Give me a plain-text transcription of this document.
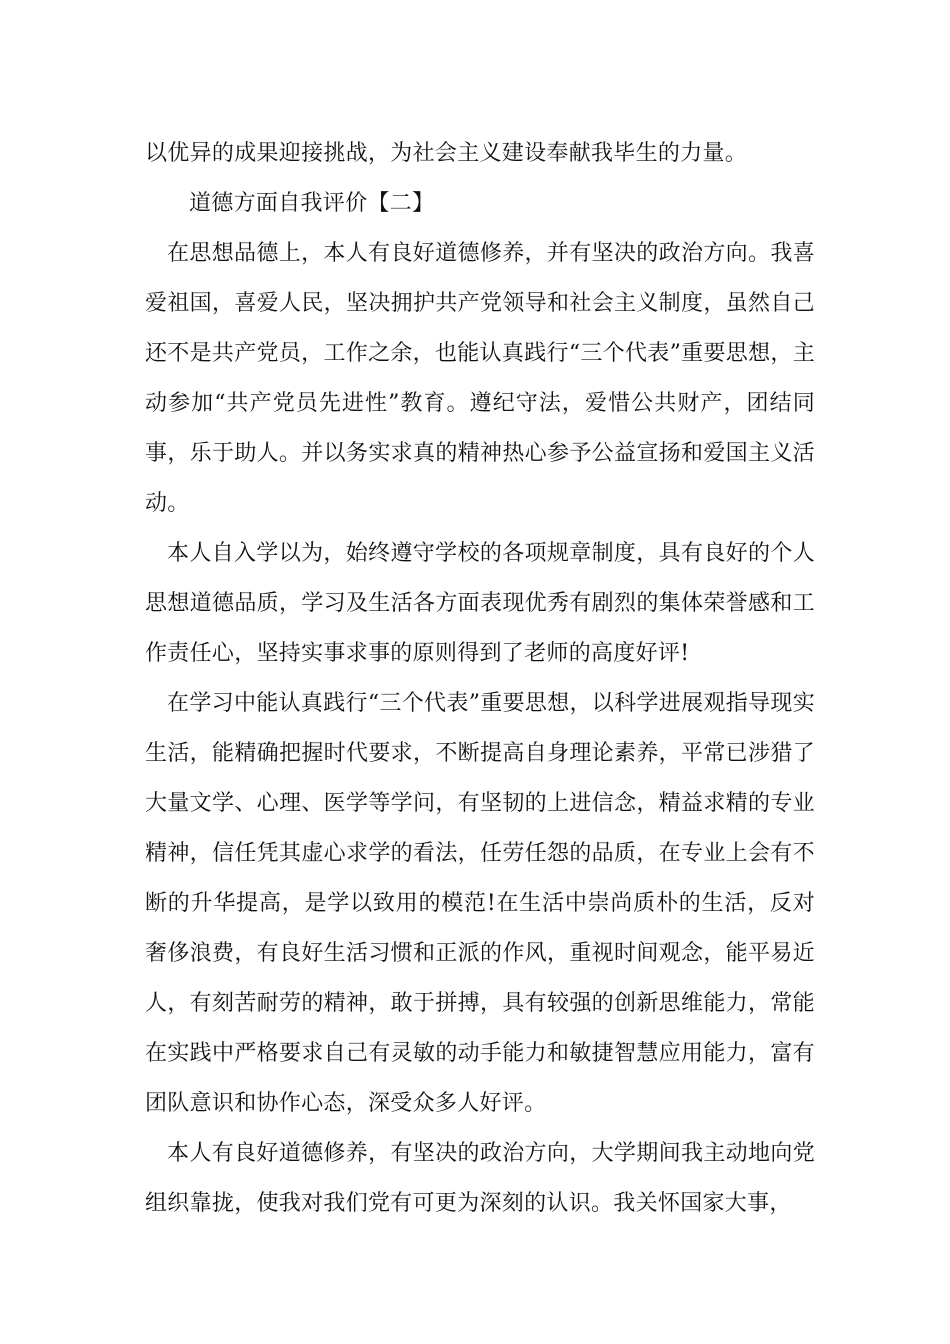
以优异的成果迎接挑战，为社会主义建设奉献我毕生的力量。

道德方面自我评价【二】

在思想品德上，本人有良好道德修养，并有坚决的政治方向。我喜爱祖国，喜爱人民，坚决拥护共产党领导和社会主义制度，虽然自己还不是共产党员，工作之余，也能认真践行“三个代表”重要思想，主动参加“共产党员先进性”教育。遵纪守法，爱惜公共财产，团结同事，乐于助人。并以务实求真的精神热心参予公益宣扬和爱国主义活动。

本人自入学以为，始终遵守学校的各项规章制度，具有良好的个人思想道德品质，学习及生活各方面表现优秀有剧烈的集体荣誉感和工作责任心，坚持实事求事的原则得到了老师的高度好评!

在学习中能认真践行“三个代表”重要思想，以科学进展观指导现实生活，能精确把握时代要求，不断提高自身理论素养，平常已涉猎了大量文学、心理、医学等学问，有坚韧的上进信念，精益求精的专业精神，信任凭其虚心求学的看法，任劳任怨的品质，在专业上会有不断的升华提高，是学以致用的模范!在生活中崇尚质朴的生活，反对奢侈浪费，有良好生活习惯和正派的作风，重视时间观念，能平易近人，有刻苦耐劳的精神，敢于拼搏，具有较强的创新思维能力，常能在实践中严格要求自己有灵敏的动手能力和敏捷智慧应用能力，富有团队意识和协作心态，深受众多人好评。

本人有良好道德修养，有坚决的政治方向，大学期间我主动地向党组织靠拢，使我对我们党有可更为深刻的认识。我关怀国家大事，
